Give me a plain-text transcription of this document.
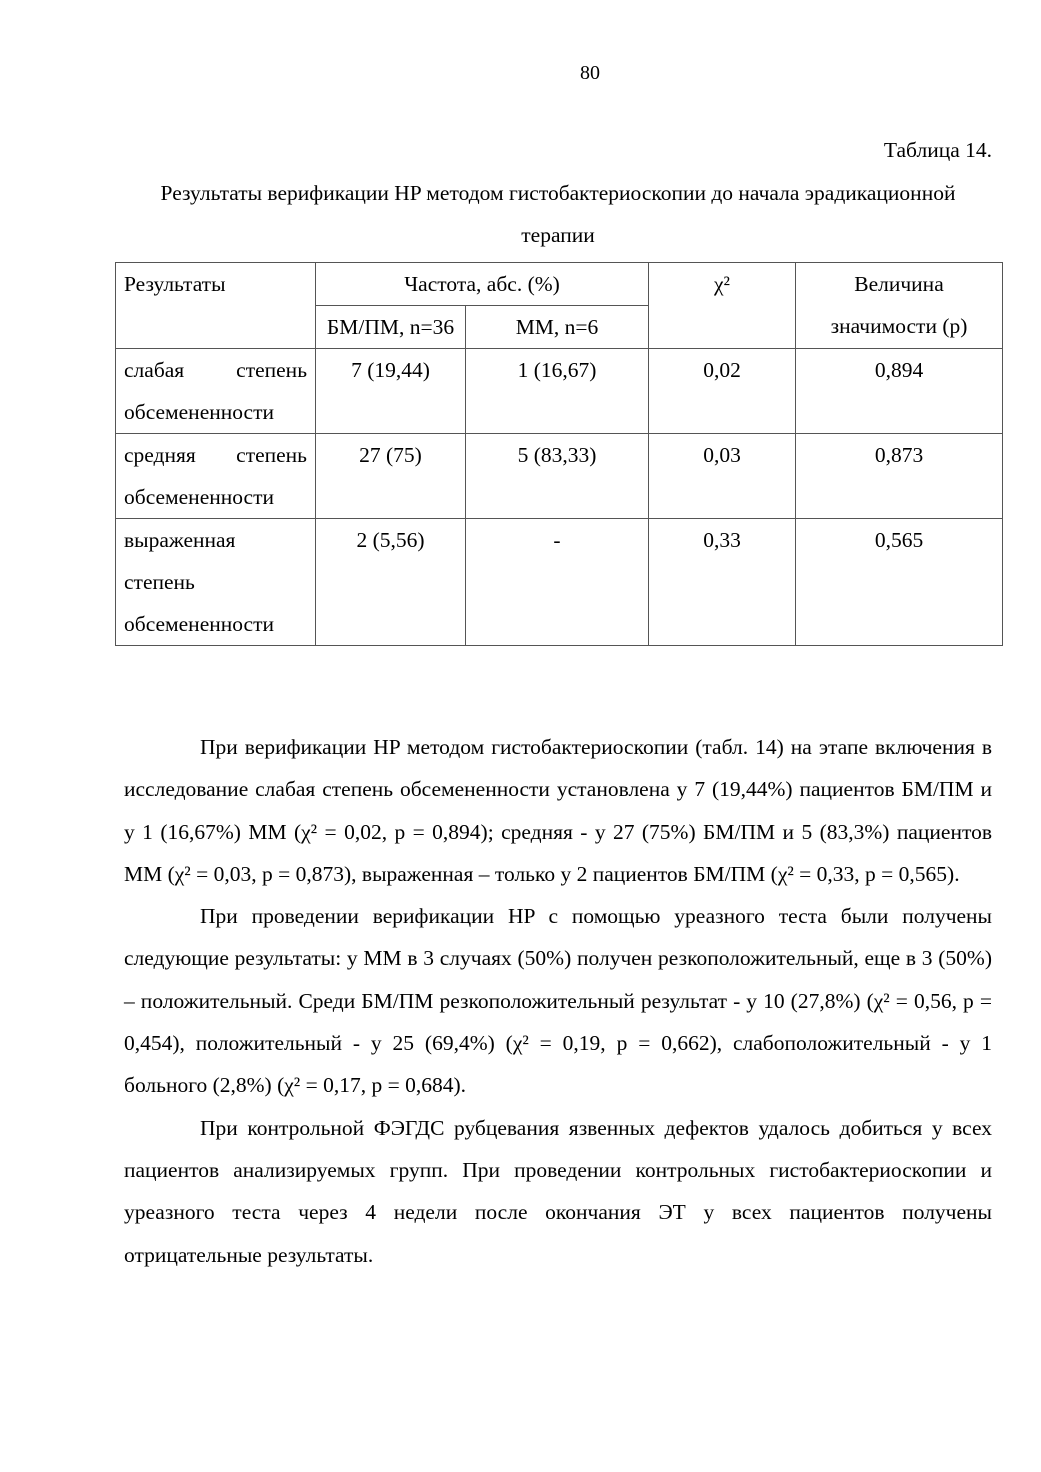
80
Таблица 14.
Результаты верификации HP методом гистобактериоскопии до начала эрадикационной терапии
Результаты	Частота, абс. (%)		χ²	Величина значимости (р)
	БМ/ПМ, n=36	ММ, n=6		
слабая степень обсемененности	7 (19,44)	1 (16,67)	0,02	0,894
средняя степень обсемененности	27 (75)	5 (83,33)	0,03	0,873
выраженная степень обсемененности	2 (5,56)	-	0,33	0,565

При верификации HP методом гистобактериоскопии (табл. 14) на этапе включения в исследование слабая степень обсемененности установлена у 7 (19,44%) пациентов БМ/ПМ и у 1 (16,67%) ММ (χ² = 0,02, p = 0,894); средняя - у 27 (75%) БМ/ПМ и 5 (83,3%) пациентов ММ (χ² = 0,03, p = 0,873), выраженная – только у 2 пациентов БМ/ПМ (χ² = 0,33, p = 0,565).

При проведении верификации HP с помощью уреазного теста были получены следующие результаты: у ММ в 3 случаях (50%) получен резкоположительный, еще в 3 (50%) – положительный. Среди БМ/ПМ резкоположительный результат - у 10 (27,8%) (χ² = 0,56, p = 0,454), положительный - у 25 (69,4%) (χ² = 0,19, p = 0,662), слабоположительный - у 1 больного (2,8%) (χ² = 0,17, p = 0,684).

При контрольной ФЭГДС рубцевания язвенных дефектов удалось добиться у всех пациентов анализируемых групп. При проведении контрольных гистобактериоскопии и уреазного теста через 4 недели после окончания ЭТ у всех пациентов получены отрицательные результаты.
